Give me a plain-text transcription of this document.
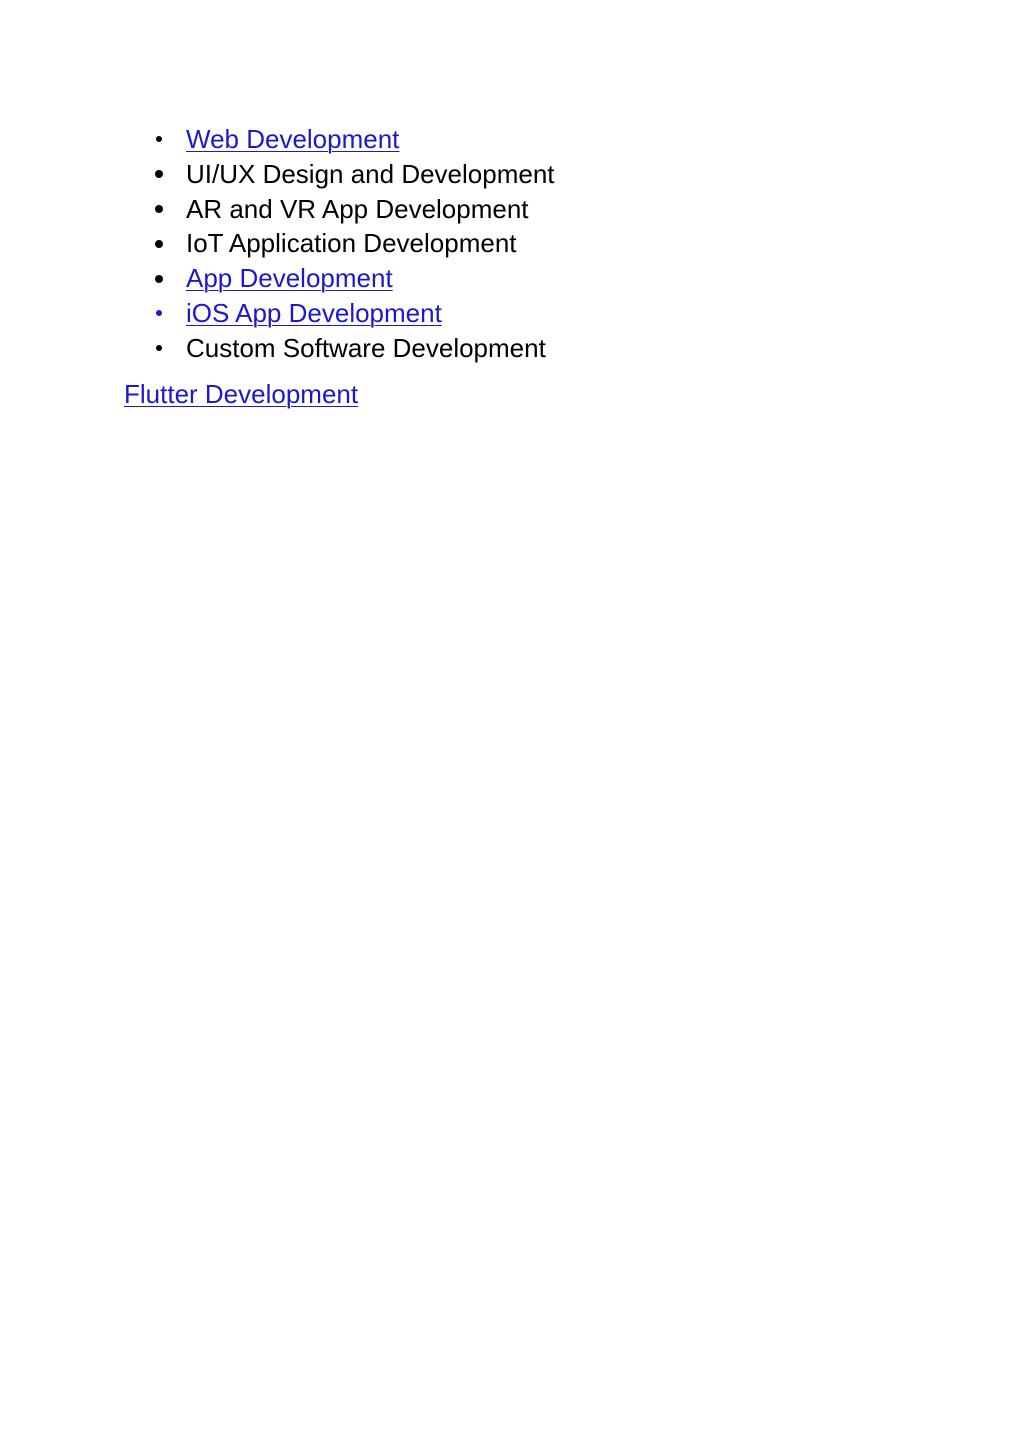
Web Development
UI/UX Design and Development
AR and VR App Development
IoT Application Development
App Development
iOS App Development
Custom Software Development
Flutter Development
